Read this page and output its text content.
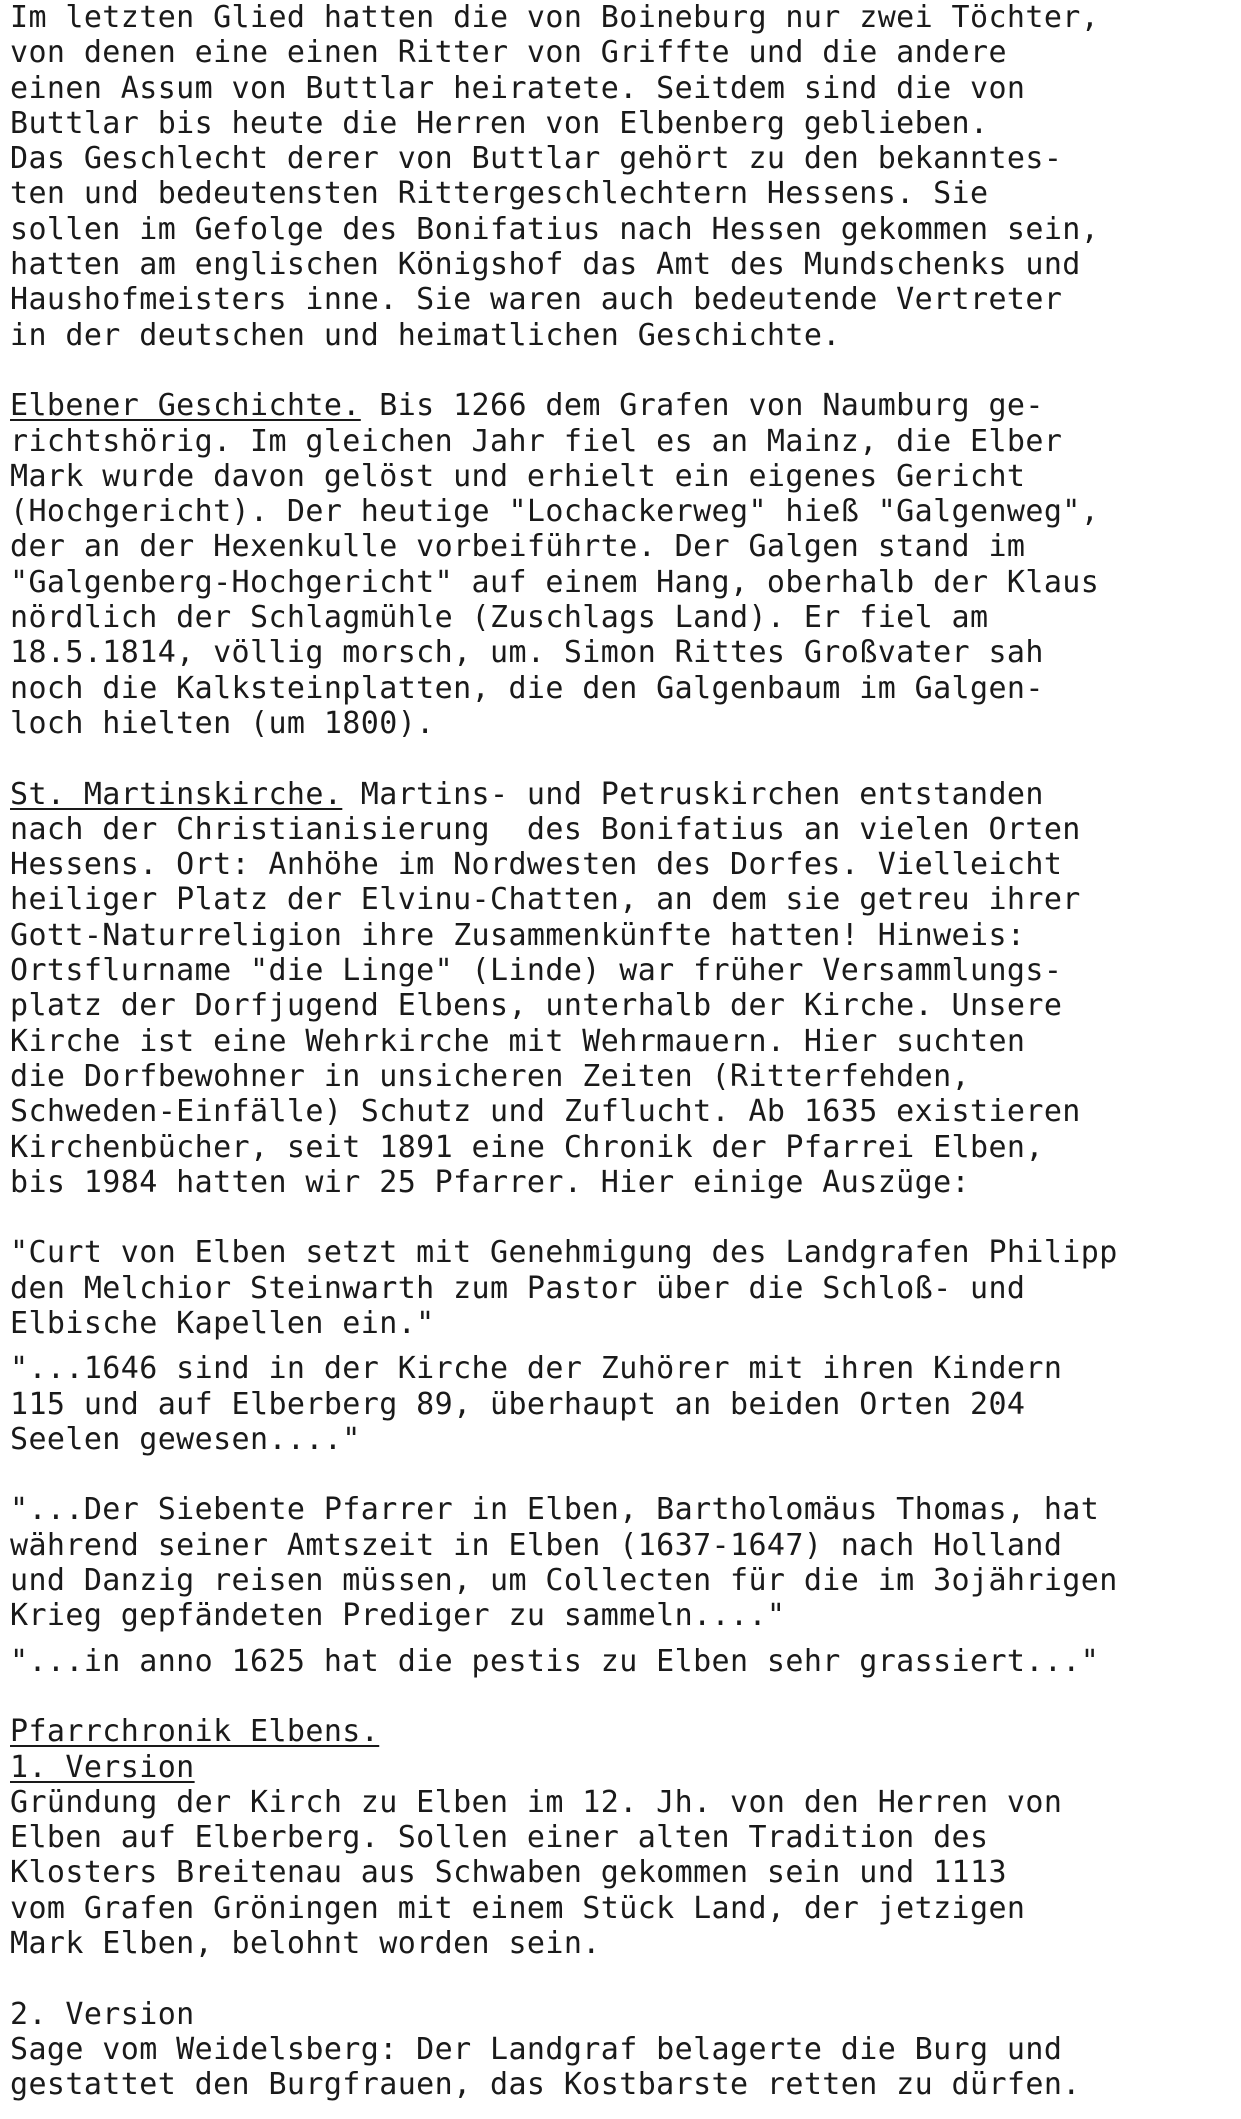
Im letzten Glied hatten die von Boineburg nur zwei Töchter,
von denen eine einen Ritter von Griffte und die andere
einen Assum von Buttlar heiratete. Seitdem sind die von
Buttlar bis heute die Herren von Elbenberg geblieben.
Das Geschlecht derer von Buttlar gehört zu den bekanntes-
ten und bedeutensten Rittergeschlechtern Hessens. Sie
sollen im Gefolge des Bonifatius nach Hessen gekommen sein,
hatten am englischen Königshof das Amt des Mundschenks und
Haushofmeisters inne. Sie waren auch bedeutende Vertreter
in der deutschen und heimatlichen Geschichte.
Elbener Geschichte. Bis 1266 dem Grafen von Naumburg ge-
richtshörig. Im gleichen Jahr fiel es an Mainz, die Elber
Mark wurde davon gelöst und erhielt ein eigenes Gericht
(Hochgericht). Der heutige "Lochackerweg" hieß "Galgenweg",
der an der Hexenkulle vorbeiführte. Der Galgen stand im
"Galgenberg-Hochgericht" auf einem Hang, oberhalb der Klaus
nördlich der Schlagmühle (Zuschlags Land). Er fiel am
18.5.1814, völlig morsch, um. Simon Rittes Großvater sah
noch die Kalksteinplatten, die den Galgenbaum im Galgen-
loch hielten (um 1800).
St. Martinskirche. Martins- und Petruskirchen entstanden
nach der Christianisierung  des Bonifatius an vielen Orten
Hessens. Ort: Anhöhe im Nordwesten des Dorfes. Vielleicht
heiliger Platz der Elvinu-Chatten, an dem sie getreu ihrer
Gott-Naturreligion ihre Zusammenkünfte hatten! Hinweis:
Ortsflurname "die Linge" (Linde) war früher Versammlungs-
platz der Dorfjugend Elbens, unterhalb der Kirche. Unsere
Kirche ist eine Wehrkirche mit Wehrmauern. Hier suchten
die Dorfbewohner in unsicheren Zeiten (Ritterfehden,
Schweden-Einfälle) Schutz und Zuflucht. Ab 1635 existieren
Kirchenbücher, seit 1891 eine Chronik der Pfarrei Elben,
bis 1984 hatten wir 25 Pfarrer. Hier einige Auszüge:
"Curt von Elben setzt mit Genehmigung des Landgrafen Philipp
den Melchior Steinwarth zum Pastor über die Schloß- und
Elbische Kapellen ein."
"...1646 sind in der Kirche der Zuhörer mit ihren Kindern
115 und auf Elberberg 89, überhaupt an beiden Orten 204
Seelen gewesen...."
"...Der Siebente Pfarrer in Elben, Bartholomäus Thomas, hat
während seiner Amtszeit in Elben (1637-1647) nach Holland
und Danzig reisen müssen, um Collecten für die im 3ojährigen
Krieg gepfändeten Prediger zu sammeln...."
"...in anno 1625 hat die pestis zu Elben sehr grassiert..."
Pfarrchronik Elbens.
1. Version
Gründung der Kirch zu Elben im 12. Jh. von den Herren von
Elben auf Elberberg. Sollen einer alten Tradition des
Klosters Breitenau aus Schwaben gekommen sein und 1113
vom Grafen Gröningen mit einem Stück Land, der jetzigen
Mark Elben, belohnt worden sein.
2. Version
Sage vom Weidelsberg: Der Landgraf belagerte die Burg und
gestattet den Burgfrauen, das Kostbarste retten zu dürfen.
